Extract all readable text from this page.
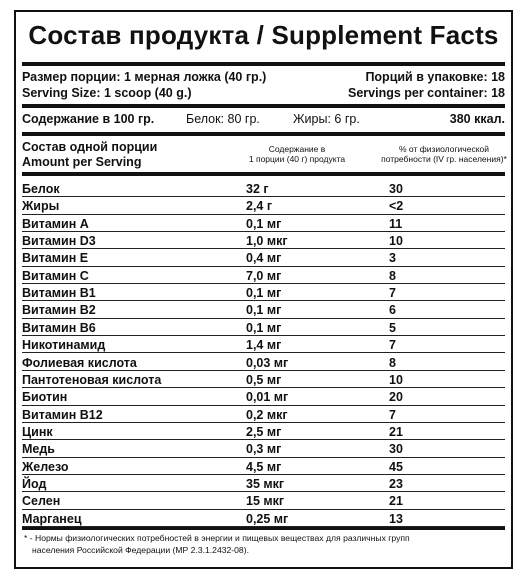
Состав продукта / Supplement Facts
Размер порции: 1 мерная ложка (40 гр.)
Serving Size: 1 scoop (40 g.)
Порций в упаковке: 18
Servings per container: 18
Содержание в 100 гр.	Белок: 80 гр.	Жиры: 6 гр.	380 ккал.
Состав одной порции
Amount per Serving
Содержание в
1 порции (40 г) продукта
% от физиологической
потребности (IV гр. населения)*
Белок	32 г	30
Жиры	2,4 г	<2
Витамин А	0,1 мг	11
Витамин D3	1,0 мкг	10
Витамин Е	0,4 мг	3
Витамин С	7,0 мг	8
Витамин В1	0,1 мг	7
Витамин В2	0,1 мг	6
Витамин В6	0,1 мг	5
Никотинамид	1,4 мг	7
Фолиевая кислота	0,03 мг	8
Пантотеновая кислота	0,5 мг	10
Биотин	0,01 мг	20
Витамин В12	0,2 мкг	7
Цинк	2,5 мг	21
Медь	0,3 мг	30
Железо	4,5 мг	45
Йод	35 мкг	23
Селен	15 мкг	21
Марганец	0,25 мг	13
* - Нормы физиологических потребностей в энергии и пищевых веществах для различных групп
населения Российской Федерации (МР 2.3.1.2432-08).
